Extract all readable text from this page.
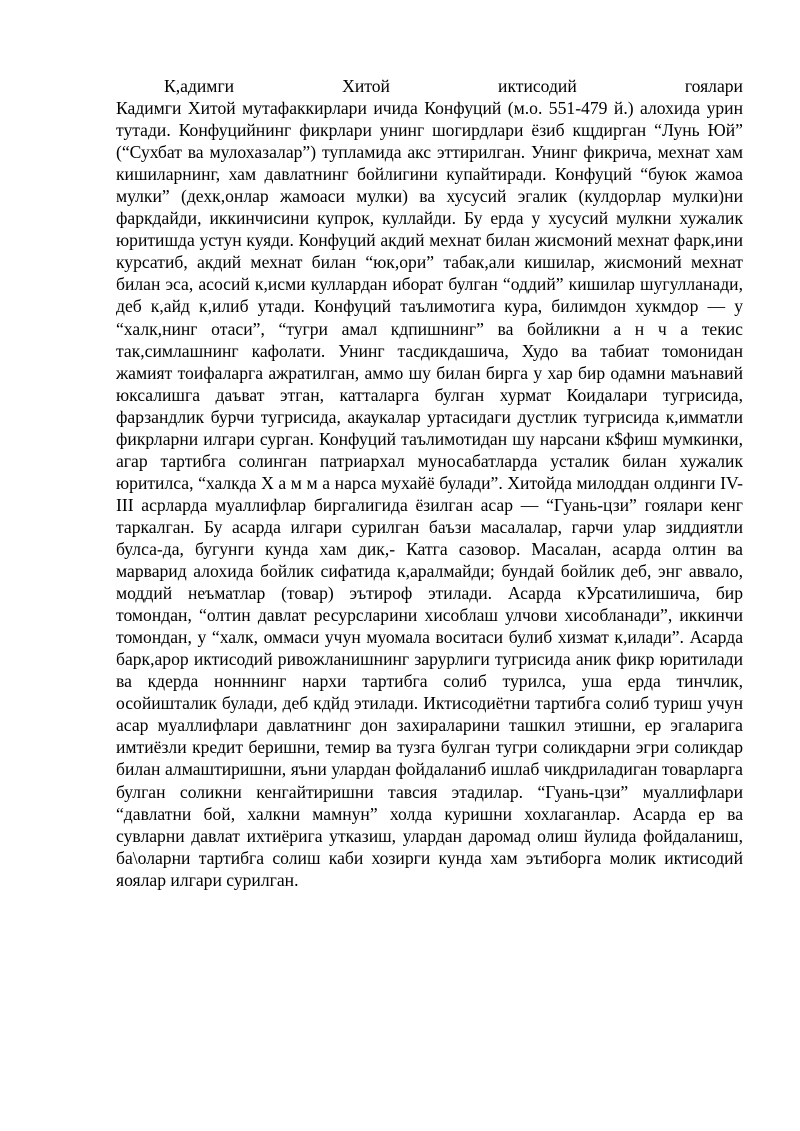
К,адимги	Хитой	иктисодий	гоялари

Кадимги Хитой мутафаккирлари ичида Конфуций (м.о. 551-479 й.) алохида урин тутади. Конфуцийнинг фикрлари унинг шогирдлари ёзиб кщдирган “Лунь Юй” (“Сухбат ва мулохазалар”) тупламида акс эттирилган. Унинг фикрича, мехнат хам кишиларнинг, хам давлатнинг бойлигини купайтиради. Конфуций “буюк жамоа мулки” (дехк,онлар жамоаси мулки) ва хусусий эгалик (кулдорлар мулки)ни фаркдайди, иккинчисини купрок, куллайди. Бу ерда у хусусий мулкни хужалик юритишда устун куяди. Конфуций акдий мехнат билан жисмоний мехнат фарк,ини курсатиб, акдий мехнат билан “юк,ори” табак,али кишилар, жисмоний мехнат билан эса, асосий к,исми куллардан иборат булган “оддий” кишилар шугулланади, деб к,айд к,илиб утади. Конфуций таълимотига кура, билимдон хукмдор — у “халк,нинг отаси”, “тугри амал кдпишнинг” ва бойликни а н ч а текис так,симлашнинг кафолати. Унинг тасдикдашича, Худо ва табиат томонидан жамият тоифаларга ажратилган, аммо шу билан бирга у хар бир одамни маънавий юксалишга даъват этган, катталарга булган хурмат Коидалари тугрисида, фарзандлик бурчи тугрисида, акаукалар уртасидаги дустлик тугрисида к,имматли фикрларни илгари сурган. Конфуций таълимотидан шу нарсани к$фиш мумкинки, агар тартибга солинган патриархал муносабатларда усталик билан хужалик юритилса, “халкда Х а м м а нарса мухайё булади”. Хитойда милоддан олдинги IV-III асрларда муаллифлар биргалигида ёзилган асар — “Гуань-цзи” гоялари кенг таркалган. Бу асарда илгари сурилган баъзи масалалар, гарчи улар зиддиятли булса-да, бугунги кунда хам дик,- Катга сазовор. Масалан, асарда олтин ва марварид алохида бойлик сифатида к,аралмайди; бундай бойлик деб, энг аввало, моддий неъматлар (товар) эътироф этилади. Асарда кУрсатилишича, бир томондан, “олтин давлат ресурсларини хисоблаш улчови хисобланади”, иккинчи томондан, у “халк, оммаси учун муомала воситаси булиб хизмат к,илади”. Асарда барк,арор иктисодий ривожланишнинг зарурлиги тугрисида аник фикр юритилади ва кдерда нонннинг нархи тартибга солиб турилса, уша ерда тинчлик, осойишталик булади, деб кдйд этилади. Иктисодиётни тартибга солиб туриш учун асар муаллифлари давлатнинг дон захираларини ташкил этишни, ер эгаларига имтиёзли кредит беришни, темир ва тузга булган тугри соликдарни эгри соликдар билан алмаштиришни, яъни улардан фойдаланиб ишлаб чикдриладиган товарларга булган соликни кенгайтиришни тавсия этадилар. “Гуань-цзи” муаллифлари “давлатни бой, халкни мамнун” холда куришни хохлаганлар. Асарда ер ва сувларни давлат ихтиёрига утказиш, улардан даромад олиш йулида фойдаланиш, ба\оларни тартибга солиш каби хозирги кунда хам эътиборга молик иктисодий яоялар илгари сурилган.
